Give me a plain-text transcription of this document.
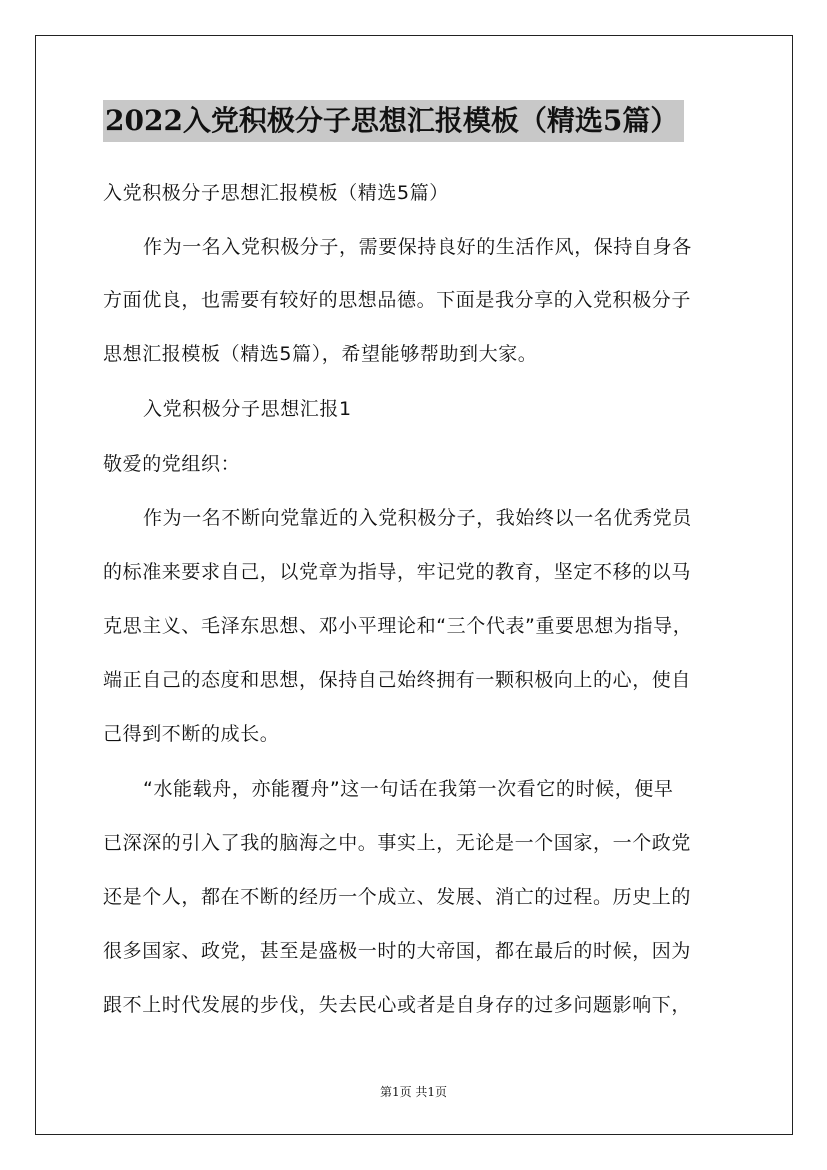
2022入党积极分子思想汇报模板（精选5篇）
入党积极分子思想汇报模板（精选5篇）
作为一名入党积极分子，需要保持良好的生活作风，保持自身各
方面优良，也需要有较好的思想品德。下面是我分享的入党积极分子
思想汇报模板（精选5篇），希望能够帮助到大家。
入党积极分子思想汇报1
敬爱的党组织：
作为一名不断向党靠近的入党积极分子，我始终以一名优秀党员
的标准来要求自己，以党章为指导，牢记党的教育，坚定不移的以马
克思主义、毛泽东思想、邓小平理论和“三个代表”重要思想为指导，
端正自己的态度和思想，保持自己始终拥有一颗积极向上的心，使自
己得到不断的成长。
“水能载舟，亦能覆舟”这一句话在我第一次看它的时候，便早
已深深的引入了我的脑海之中。事实上，无论是一个国家，一个政党
还是个人，都在不断的经历一个成立、发展、消亡的过程。历史上的
很多国家、政党，甚至是盛极一时的大帝国，都在最后的时候，因为
跟不上时代发展的步伐，失去民心或者是自身存的过多问题影响下，
第1页 共1页
